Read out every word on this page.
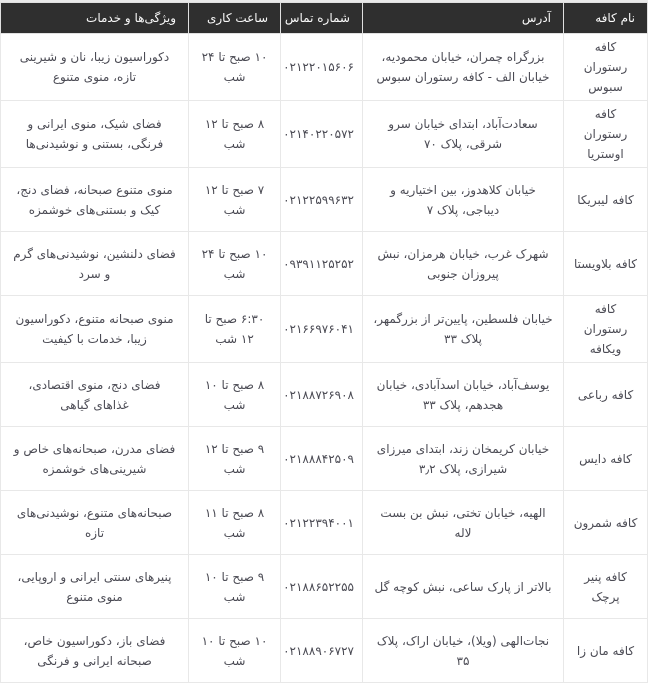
نام کافه	آدرس	شماره تماس	ساعت کاری	ویژگی‌ها و خدمات
کافه رستوران سبوس	بزرگراه چمران، خیابان محمودیه، خیابان الف - کافه رستوران سبوس	۰۲۱۲۲۰۱۵۶۰۶	۱۰ صبح تا ۲۴ شب	دکوراسیون زیبا، نان و شیرینی تازه، منوی متنوع
کافه رستوران اوستریا	سعادت‌آباد، ابتدای خیابان سرو شرقی، پلاک ۷۰	۰۲۱۴۰۲۲۰۵۷۲	۸ صبح تا ۱۲ شب	فضای شیک، منوی ایرانی و فرنگی، بستنی و نوشیدنی‌ها
کافه لیبریکا	خیابان کلاهدوز، بین اختیاریه و دیباجی، پلاک ۷	۰۲۱۲۲۵۹۹۶۳۲	۷ صبح تا ۱۲ شب	منوی متنوع صبحانه، فضای دنج، کیک و بستنی‌های خوشمزه
کافه بلاویستا	شهرک غرب، خیابان هرمزان، نبش پیروزان جنوبی	۰۹۳۹۱۱۲۵۲۵۲	۱۰ صبح تا ۲۴ شب	فضای دلنشین، نوشیدنی‌های گرم و سرد
کافه رستوران ویکافه	خیابان فلسطین، پایین‌تر از بزرگمهر، پلاک ۳۳	۰۲۱۶۶۹۷۶۰۴۱	۶:۳۰ صبح تا ۱۲ شب	منوی صبحانه متنوع، دکوراسیون زیبا، خدمات با کیفیت
کافه رباعی	یوسف‌آباد، خیابان اسدآبادی، خیابان هجدهم، پلاک ۳۳	۰۲۱۸۸۷۲۶۹۰۸	۸ صبح تا ۱۰ شب	فضای دنج، منوی اقتصادی، غذاهای گیاهی
کافه دایس	خیابان کریمخان زند، ابتدای میرزای شیرازی، پلاک ۳٫۲	۰۲۱۸۸۸۴۲۵۰۹	۹ صبح تا ۱۲ شب	فضای مدرن، صبحانه‌های خاص و شیرینی‌های خوشمزه
کافه شمرون	الهیه، خیابان تختی، نبش بن بست لاله	۰۲۱۲۲۳۹۴۰۰۱	۸ صبح تا ۱۱ شب	صبحانه‌های متنوع، نوشیدنی‌های تازه
کافه پنیر پرچک	بالاتر از پارک ساعی، نبش کوچه گل	۰۲۱۸۸۶۵۲۲۵۵	۹ صبح تا ۱۰ شب	پنیرهای سنتی ایرانی و اروپایی، منوی متنوع
کافه مان زا	نجات‌الهی (ویلا)، خیابان اراک، پلاک ۳۵	۰۲۱۸۸۹۰۶۷۲۷	۱۰ صبح تا ۱۰ شب	فضای باز، دکوراسیون خاص، صبحانه ایرانی و فرنگی
